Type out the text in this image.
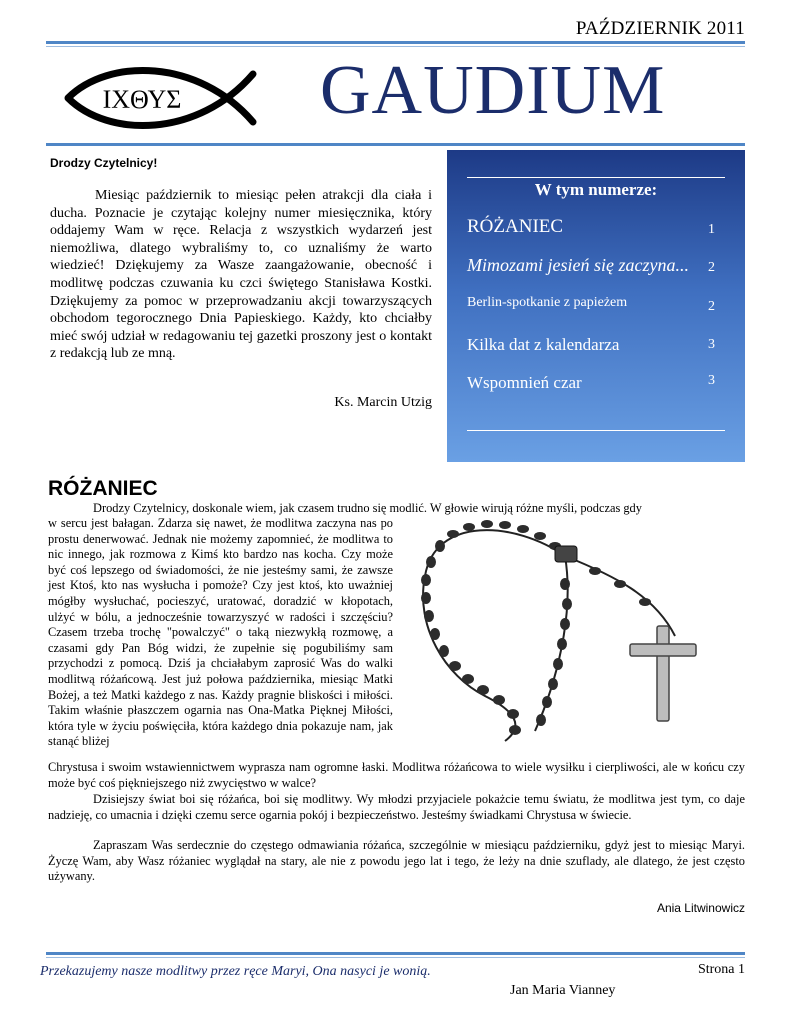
PAŹDZIERNIK 2011
ΙΧΘΥΣ GAUDIUM
Drodzy Czytelnicy!

Miesiąc październik to miesiąc pełen atrakcji dla ciała i ducha. Poznacie je czytając kolejny numer miesięcznika, który oddajemy Wam w ręce. Relacja z wszystkich wydarzeń jest niemożliwa, dlatego wybraliśmy to, co uznaliśmy że warto wiedzieć! Dziękujemy za Wasze zaangażowanie, obecność i modlitwę podczas czuwania ku czci świętego Stanisława Kostki. Dziękujemy za pomoc w przeprowadzaniu akcji towarzyszących obchodom tegorocznego Dnia Papieskiego. Każdy, kto chciałby mieć swój udział w redagowaniu tej gazetki proszony jest o kontakt z redakcją lub ze mną.

Ks. Marcin Utzig
W tym numerze:
RÓŻANIEC	1
Mimozami jesień się zaczyna... 2
Berlin-spotkanie z papieżem	2
Kilka dat z kalendarza	3
Wspomnień czar	3
RÓŻANIEC
Drodzy Czytelnicy, doskonale wiem, jak czasem trudno się modlić. W głowie wirują różne myśli, podczas gdy
w sercu jest bałagan. Zdarza się nawet, że modlitwa zaczyna nas po prostu denerwować. Jednak nie możemy zapomnieć, że modlitwa to nic innego, jak rozmowa z Kimś kto bardzo nas kocha. Czy może być coś lepszego od świadomości, że nie jesteśmy sami, że zawsze jest Ktoś, kto nas wysłucha i pomoże? Czy jest ktoś, kto uważniej mógłby wysłuchać, pocieszyć, uratować, doradzić w kłopotach, ulżyć w bólu, a jednocześnie towarzyszyć w radości i szczęściu? Czasem trzeba trochę "powalczyć" o taką niezwykłą rozmowę, a czasami gdy Pan Bóg widzi, że zupełnie się pogubiliśmy sam przychodzi z pomocą. Dziś ja chciałabym zaprosić Was do walki modlitwą różańcową. Jest już połowa października, miesiąc Matki Bożej, a też Matki każdego z nas. Każdy pragnie bliskości i miłości. Takim właśnie płaszczem ogarnia nas Ona-Matka Pięknej Miłości, która tyle w życiu poświęciła, która każdego dnia pokazuje nam, jak stanąć bliżej
Chrystusa i swoim wstawiennictwem wyprasza nam ogromne łaski. Modlitwa różańcowa to wiele wysiłku i cierpliwości, ale w końcu czy może być coś piękniejszego niż zwycięstwo w walce?
Dzisiejszy świat boi się różańca, boi się modlitwy. Wy młodzi przyjaciele pokażcie temu światu, że modlitwa jest tym, co daje nadzieję, co umacnia i dzięki czemu serce ogarnia pokój i bezpieczeństwo. Jesteśmy świadkami Chrystusa w świecie.
Zapraszam Was serdecznie do częstego odmawiania różańca, szczególnie w miesiącu październiku, gdyż jest to miesiąc Maryi. Życzę Wam, aby Wasz różaniec wyglądał na stary, ale nie z powodu jego lat i tego, że leży na dnie szuflady, ale dlatego, że jest często używany.
Ania Litwinowicz
Przekazujemy nasze modlitwy przez ręce Maryi, Ona nasyci je wonią.
Jan Maria Vianney
Strona 1
